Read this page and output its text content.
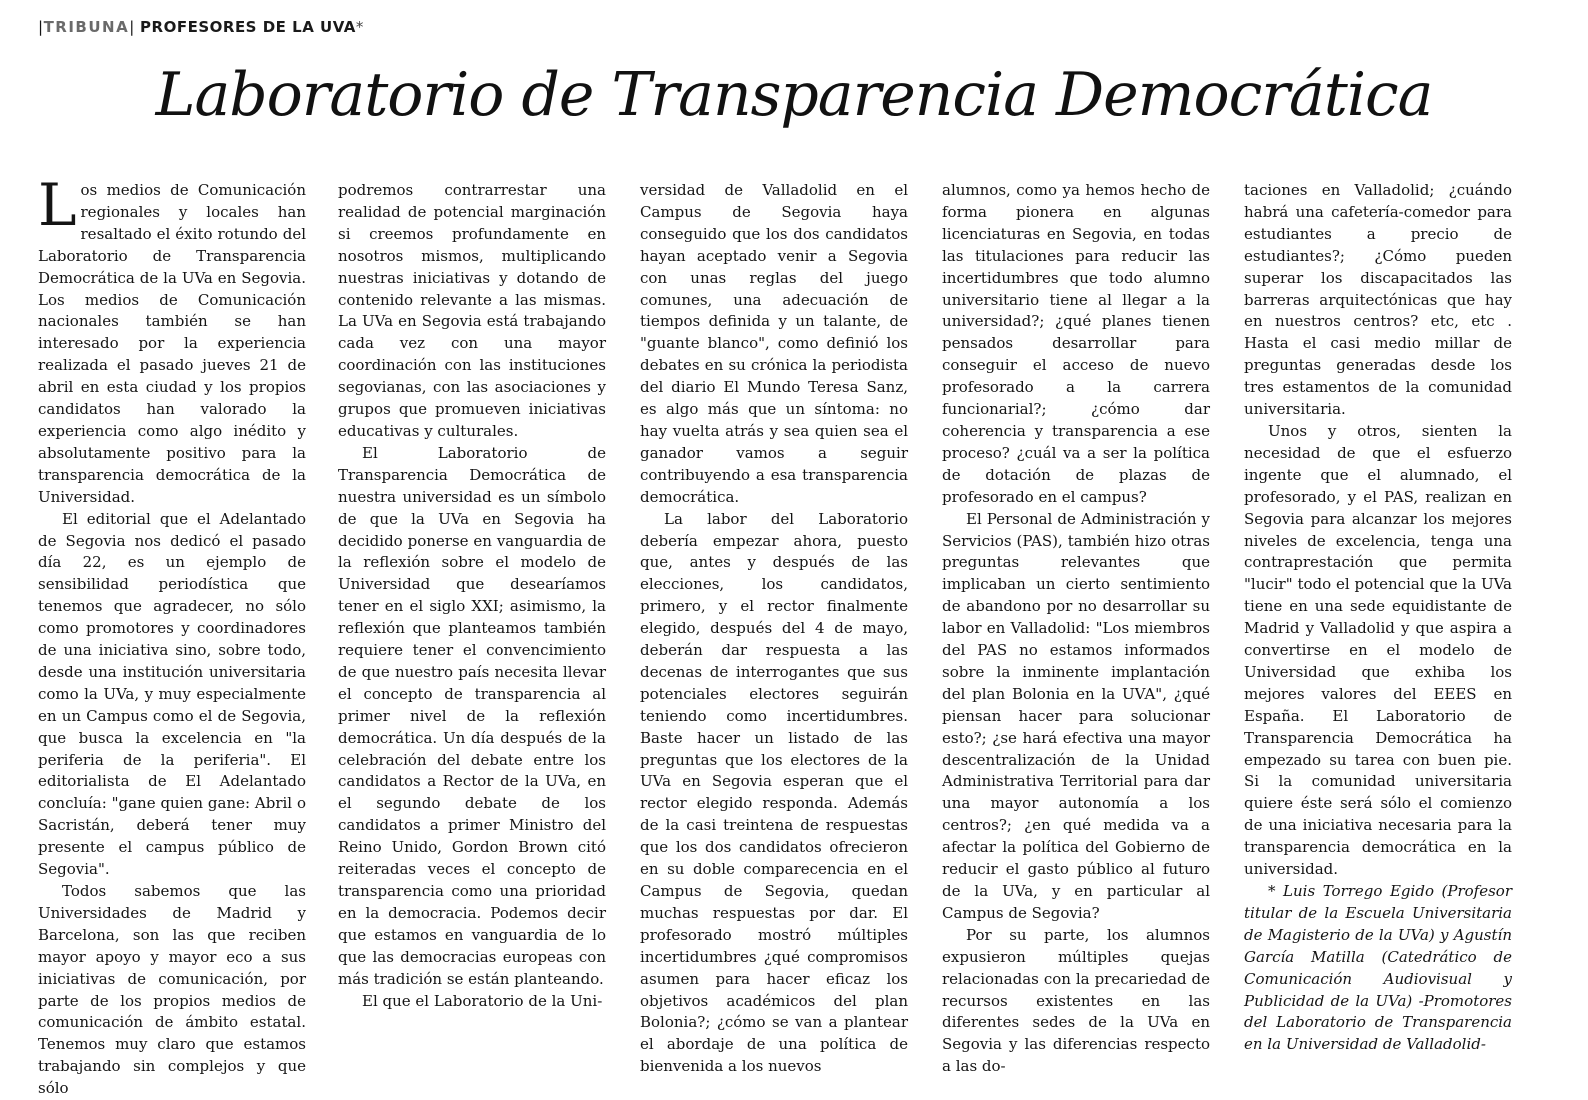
|TRIBUNA| PROFESORES DE LA UVA*
Laboratorio de Transparencia Democrática

Los medios de Comunicación regionales y locales han resaltado el éxito rotundo del Laboratorio de Transparencia Democrática de la UVa en Segovia. Los medios de Comunicación nacionales también se han interesado por la experiencia realizada el pasado jueves 21 de abril en esta ciudad y los propios candidatos han valorado la experiencia como algo inédito y absolutamente positivo para la transparencia democrática de la Universidad.

El editorial que el Adelantado de Segovia nos dedicó el pasado día 22, es un ejemplo de sensibilidad periodística que tenemos que agradecer, no sólo como promotores y coordinadores de una iniciativa sino, sobre todo, desde una institución universitaria como la UVa, y muy especialmente en un Campus como el de Segovia, que busca la excelencia en "la periferia de la periferia". El editorialista de El Adelantado concluía: "gane quien gane: Abril o Sacristán, deberá tener muy presente el campus público de Segovia".

Todos sabemos que las Universidades de Madrid y Barcelona, son las que reciben mayor apoyo y mayor eco a sus iniciativas de comunicación, por parte de los propios medios de comunicación de ámbito estatal. Tenemos muy claro que estamos trabajando sin complejos y que sólo

podremos contrarrestar una realidad de potencial marginación si creemos profundamente en nosotros mismos, multiplicando nuestras iniciativas y dotando de contenido relevante a las mismas. La UVa en Segovia está trabajando cada vez con una mayor coordinación con las instituciones segovianas, con las asociaciones y grupos que promueven iniciativas educativas y culturales.

El Laboratorio de Transparencia Democrática de nuestra universidad es un símbolo de que la UVa en Segovia ha decidido ponerse en vanguardia de la reflexión sobre el modelo de Universidad que desearíamos tener en el siglo XXI; asimismo, la reflexión que planteamos también requiere tener el convencimiento de que nuestro país necesita llevar el concepto de transparencia al primer nivel de la reflexión democrática. Un día después de la celebración del debate entre los candidatos a Rector de la UVa, en el segundo debate de los candidatos a primer Ministro del Reino Unido, Gordon Brown citó reiteradas veces el concepto de transparencia como una prioridad en la democracia. Podemos decir que estamos en vanguardia de lo que las democracias europeas con más tradición se están planteando.

El que el Laboratorio de la Uni-

versidad de Valladolid en el Campus de Segovia haya conseguido que los dos candidatos hayan aceptado venir a Segovia con unas reglas del juego comunes, una adecuación de tiempos definida y un talante, de "guante blanco", como definió los debates en su crónica la periodista del diario El Mundo Teresa Sanz, es algo más que un síntoma: no hay vuelta atrás y sea quien sea el ganador vamos a seguir contribuyendo a esa transparencia democrática.

La labor del Laboratorio debería empezar ahora, puesto que, antes y después de las elecciones, los candidatos, primero, y el rector finalmente elegido, después del 4 de mayo, deberán dar respuesta a las decenas de interrogantes que sus potenciales electores seguirán teniendo como incertidumbres. Baste hacer un listado de las preguntas que los electores de la UVa en Segovia esperan que el rector elegido responda. Además de la casi treintena de respuestas que los dos candidatos ofrecieron en su doble comparecencia en el Campus de Segovia, quedan muchas respuestas por dar. El profesorado mostró múltiples incertidumbres ¿qué compromisos asumen para hacer eficaz los objetivos académicos del plan Bolonia?; ¿cómo se van a plantear el abordaje de una política de bienvenida a los nuevos

alumnos, como ya hemos hecho de forma pionera en algunas licenciaturas en Segovia, en todas las titulaciones para reducir las incertidumbres que todo alumno universitario tiene al llegar a la universidad?; ¿qué planes tienen pensados desarrollar para conseguir el acceso de nuevo profesorado a la carrera funcionarial?; ¿cómo dar coherencia y transparencia a ese proceso? ¿cuál va a ser la política de dotación de plazas de profesorado en el campus?

El Personal de Administración y Servicios (PAS), también hizo otras preguntas relevantes que implicaban un cierto sentimiento de abandono por no desarrollar su labor en Valladolid: "Los miembros del PAS no estamos informados sobre la inminente implantación del plan Bolonia en la UVA", ¿qué piensan hacer para solucionar esto?; ¿se hará efectiva una mayor descentralización de la Unidad Administrativa Territorial para dar una mayor autonomía a los centros?; ¿en qué medida va a afectar la política del Gobierno de reducir el gasto público al futuro de la UVa, y en particular al Campus de Segovia?

Por su parte, los alumnos expusieron múltiples quejas relacionadas con la precariedad de recursos existentes en las diferentes sedes de la UVa en Segovia y las diferencias respecto a las do-

taciones en Valladolid; ¿cuándo habrá una cafetería-comedor para estudiantes a precio de estudiantes?; ¿Cómo pueden superar los discapacitados las barreras arquitectónicas que hay en nuestros centros? etc, etc . Hasta el casi medio millar de preguntas generadas desde los tres estamentos de la comunidad universitaria.

Unos y otros, sienten la necesidad de que el esfuerzo ingente que el alumnado, el profesorado, y el PAS, realizan en Segovia para alcanzar los mejores niveles de excelencia, tenga una contraprestación que permita "lucir" todo el potencial que la UVa tiene en una sede equidistante de Madrid y Valladolid y que aspira a convertirse en el modelo de Universidad que exhiba los mejores valores del EEES en España. El Laboratorio de Transparencia Democrática ha empezado su tarea con buen pie. Si la comunidad universitaria quiere éste será sólo el comienzo de una iniciativa necesaria para la transparencia democrática en la universidad.

* Luis Torrego Egido (Profesor titular de la Escuela Universitaria de Magisterio de la UVa) y Agustín García Matilla (Catedrático de Comunicación Audiovisual y Publicidad de la UVa) -Promotores del Laboratorio de Transparencia en la Universidad de Valladolid-
